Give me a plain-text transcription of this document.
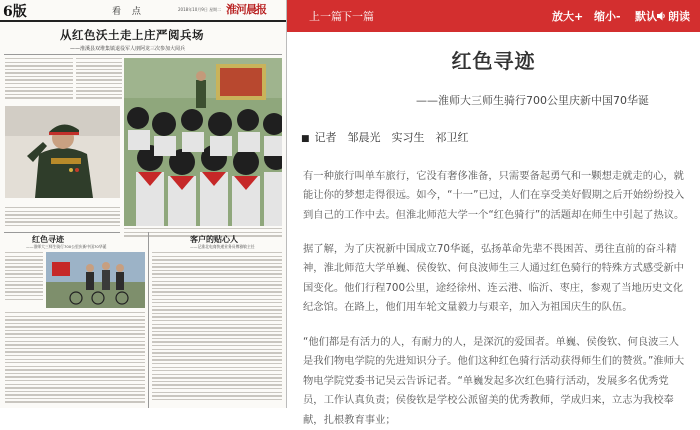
6版	看 点	2018年10月9日 星期二 淮河晨报
从红色沃土走上庄严阅兵场
——淮溪县双堆集镇退役军人朋阿龙三次参加大阅兵
红色寻迹
——淮师大三师生骑行700公里庆新中国70华诞
客户的贴心人
——记淮北电商快递业务员傅雅敏主任
上一篇 下一篇	放大+ 缩小- 默认 朗读
红色寻迹
——淮师大三师生骑行700公里庆新中国70华诞
■ 记者　邹晨光　实习生　祁卫红

有一种旅行叫单车旅行，它没有奢侈准备，只需要备起勇气和一颗想走就走的心，就能让你的梦想走得很远。如今，“十一”已过，人们在享受美好假期之后开始纷纷投入到自己的工作中去。但淮北师范大学一个“红色骑行”的活题却在师生中引起了热议。

据了解，为了庆祝新中国成立70华诞，弘扬革命先辈不畏困苦、勇往直前的奋斗精神，淮北师范大学单巍、侯俊钦、何良波师生三人通过红色骑行的特殊方式感受新中国变化。他们行程700公里，途经徐州、连云港、临沂、枣庄，参观了当地历史文化纪念馆。在路上，他们用车轮文量毅力与艰辛，加入为祖国庆生的队伍。

“他们都是有活力的人，有耐力的人，是深沉的爱国者。单巍、侯俊钦、何良波三人是我们物电学院的先进知识分子。他们这种红色骑行活动获得师生们的赞赏。”淮师大物电学院党委书记吴云告诉记者。“单巍发起多次红色骑行活动，发展多名优秀党员，工作认真负责；侯俊钦是学校公派留美的优秀教师，学成归来，立志为我校奉献，扎根教育事业；
